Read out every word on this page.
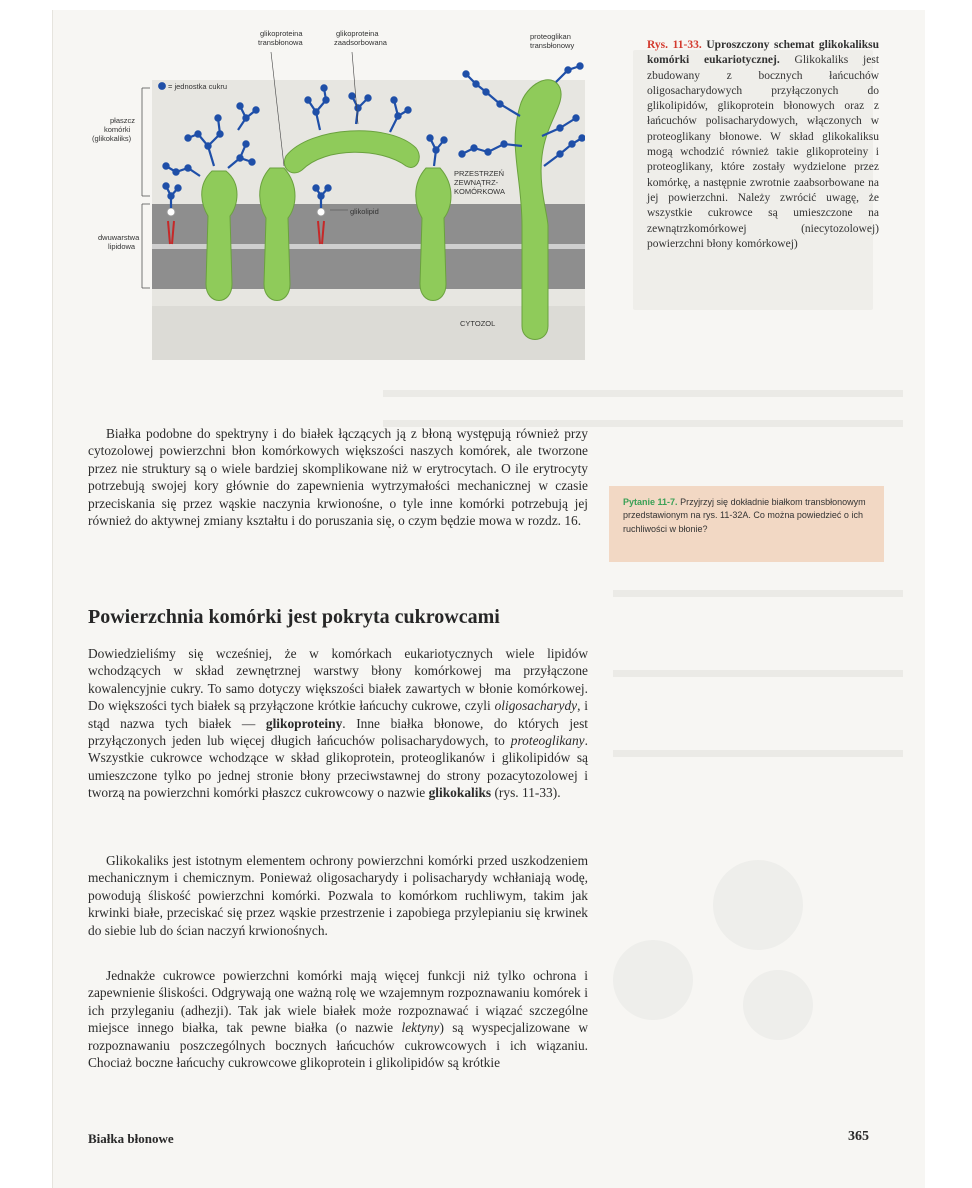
glikoproteina
transbłonowa
glikoproteina
zaadsorbowana
proteoglikan
transbłonowy
= jednostka cukru
płaszcz
komórki
(glikokaliks)
dwuwarstwa
lipidowa
glikolipid
PRZESTRZEŃ
ZEWNĄTRZ-
KOMÓRKOWA
CYTOZOL
Rys. 11-33. Uproszczony schemat glikokaliksu komórki eukariotycznej. Glikokaliks jest zbudowany z bocznych łańcuchów oligosacharydowych przyłączonych do glikolipidów, glikoprotein błonowych oraz z łańcuchów polisacharydowych, włączonych w proteoglikany błonowe. W skład glikokaliksu mogą wchodzić również takie glikoproteiny i proteoglikany, które zostały wydzielone przez komórkę, a następnie zwrotnie zaabsorbowane na jej powierzchni. Należy zwrócić uwagę, że wszystkie cukrowce są umieszczone na zewnątrzkomórkowej (niecytozolowej) powierzchni błony komórkowej)
Pytanie 11-7. Przyjrzyj się dokładnie białkom transbłonowym przedstawionym na rys. 11-32A. Co można powiedzieć o ich ruchliwości w błonie?

Białka podobne do spektryny i do białek łączących ją z błoną występują również przy cytozolowej powierzchni błon komórkowych większości naszych komórek, ale tworzone przez nie struktury są o wiele bardziej skomplikowane niż w erytrocytach. O ile erytrocyty potrzebują swojej kory głównie do zapewnienia wytrzymałości mechanicznej w czasie przeciskania się przez wąskie naczynia krwionośne, o tyle inne komórki potrzebują jej również do aktywnej zmiany kształtu i do poruszania się, o czym będzie mowa w rozdz. 16.

Powierzchnia komórki jest pokryta cukrowcami

Dowiedzieliśmy się wcześniej, że w komórkach eukariotycznych wiele lipidów wchodzących w skład zewnętrznej warstwy błony komórkowej ma przyłączone kowalencyjnie cukry. To samo dotyczy większości białek zawartych w błonie komórkowej. Do większości tych białek są przyłączone krótkie łańcuchy cukrowe, czyli oligosacharydy, i stąd nazwa tych białek — glikoproteiny. Inne białka błonowe, do których jest przyłączonych jeden lub więcej długich łańcuchów polisacharydowych, to proteoglikany. Wszystkie cukrowce wchodzące w skład glikoprotein, proteoglikanów i glikolipidów są umieszczone tylko po jednej stronie błony przeciwstawnej do strony pozacytozolowej i tworzą na powierzchni komórki płaszcz cukrowcowy o nazwie glikokaliks (rys. 11-33).

Glikokaliks jest istotnym elementem ochrony powierzchni komórki przed uszkodzeniem mechanicznym i chemicznym. Ponieważ oligosacharydy i polisacharydy wchłaniają wodę, powodują śliskość powierzchni komórki. Pozwala to komórkom ruchliwym, takim jak krwinki białe, przeciskać się przez wąskie przestrzenie i zapobiega przylepianiu się krwinek do siebie lub do ścian naczyń krwionośnych.

Jednakże cukrowce powierzchni komórki mają więcej funkcji niż tylko ochrona i zapewnienie śliskości. Odgrywają one ważną rolę we wzajemnym rozpoznawaniu komórek i ich przyleganiu (adhezji). Tak jak wiele białek może rozpoznawać i wiązać szczególne miejsce innego białka, tak pewne białka (o nazwie lektyny) są wyspecjalizowane w rozpoznawaniu poszczególnych bocznych łańcuchów cukrowcowych i ich wiązaniu. Chociaż boczne łańcuchy cukrowcowe glikoprotein i glikolipidów są krótkie

Białka błonowe	365
